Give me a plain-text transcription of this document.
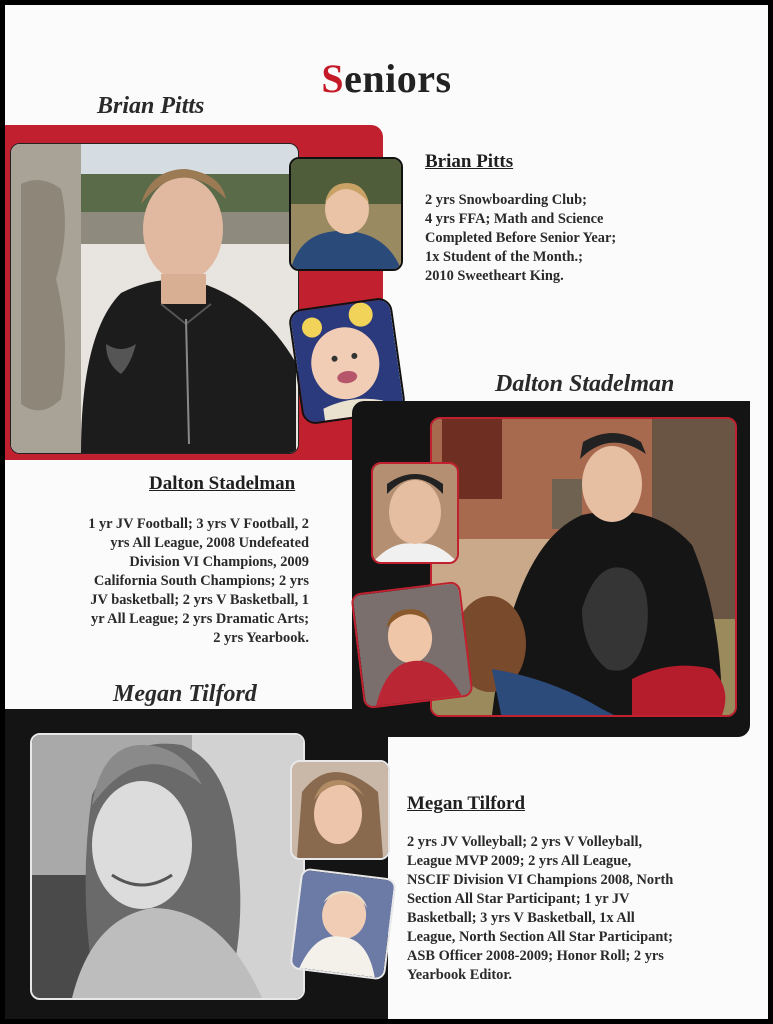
Seniors
Brian Pitts
Brian Pitts
2 yrs Snowboarding Club;
4 yrs FFA; Math and Science
Completed Before Senior Year;
1x Student of the Month.;
2010 Sweetheart King.
Dalton Stadelman
Dalton Stadelman
1 yr JV Football; 3 yrs V Football, 2
yrs All League, 2008 Undefeated
Division VI Champions, 2009
California South Champions; 2 yrs
JV basketball; 2 yrs V Basketball, 1
yr All League; 2 yrs Dramatic Arts;
2 yrs Yearbook.
Megan Tilford
Megan Tilford
2 yrs JV Volleyball; 2 yrs V Volleyball,
League MVP 2009; 2 yrs All League,
NSCIF Division VI Champions 2008, North
Section All Star Participant; 1 yr JV
Basketball; 3 yrs V Basketball, 1x All
League, North Section All Star Participant;
ASB Officer 2008-2009; Honor Roll; 2 yrs
Yearbook Editor.
